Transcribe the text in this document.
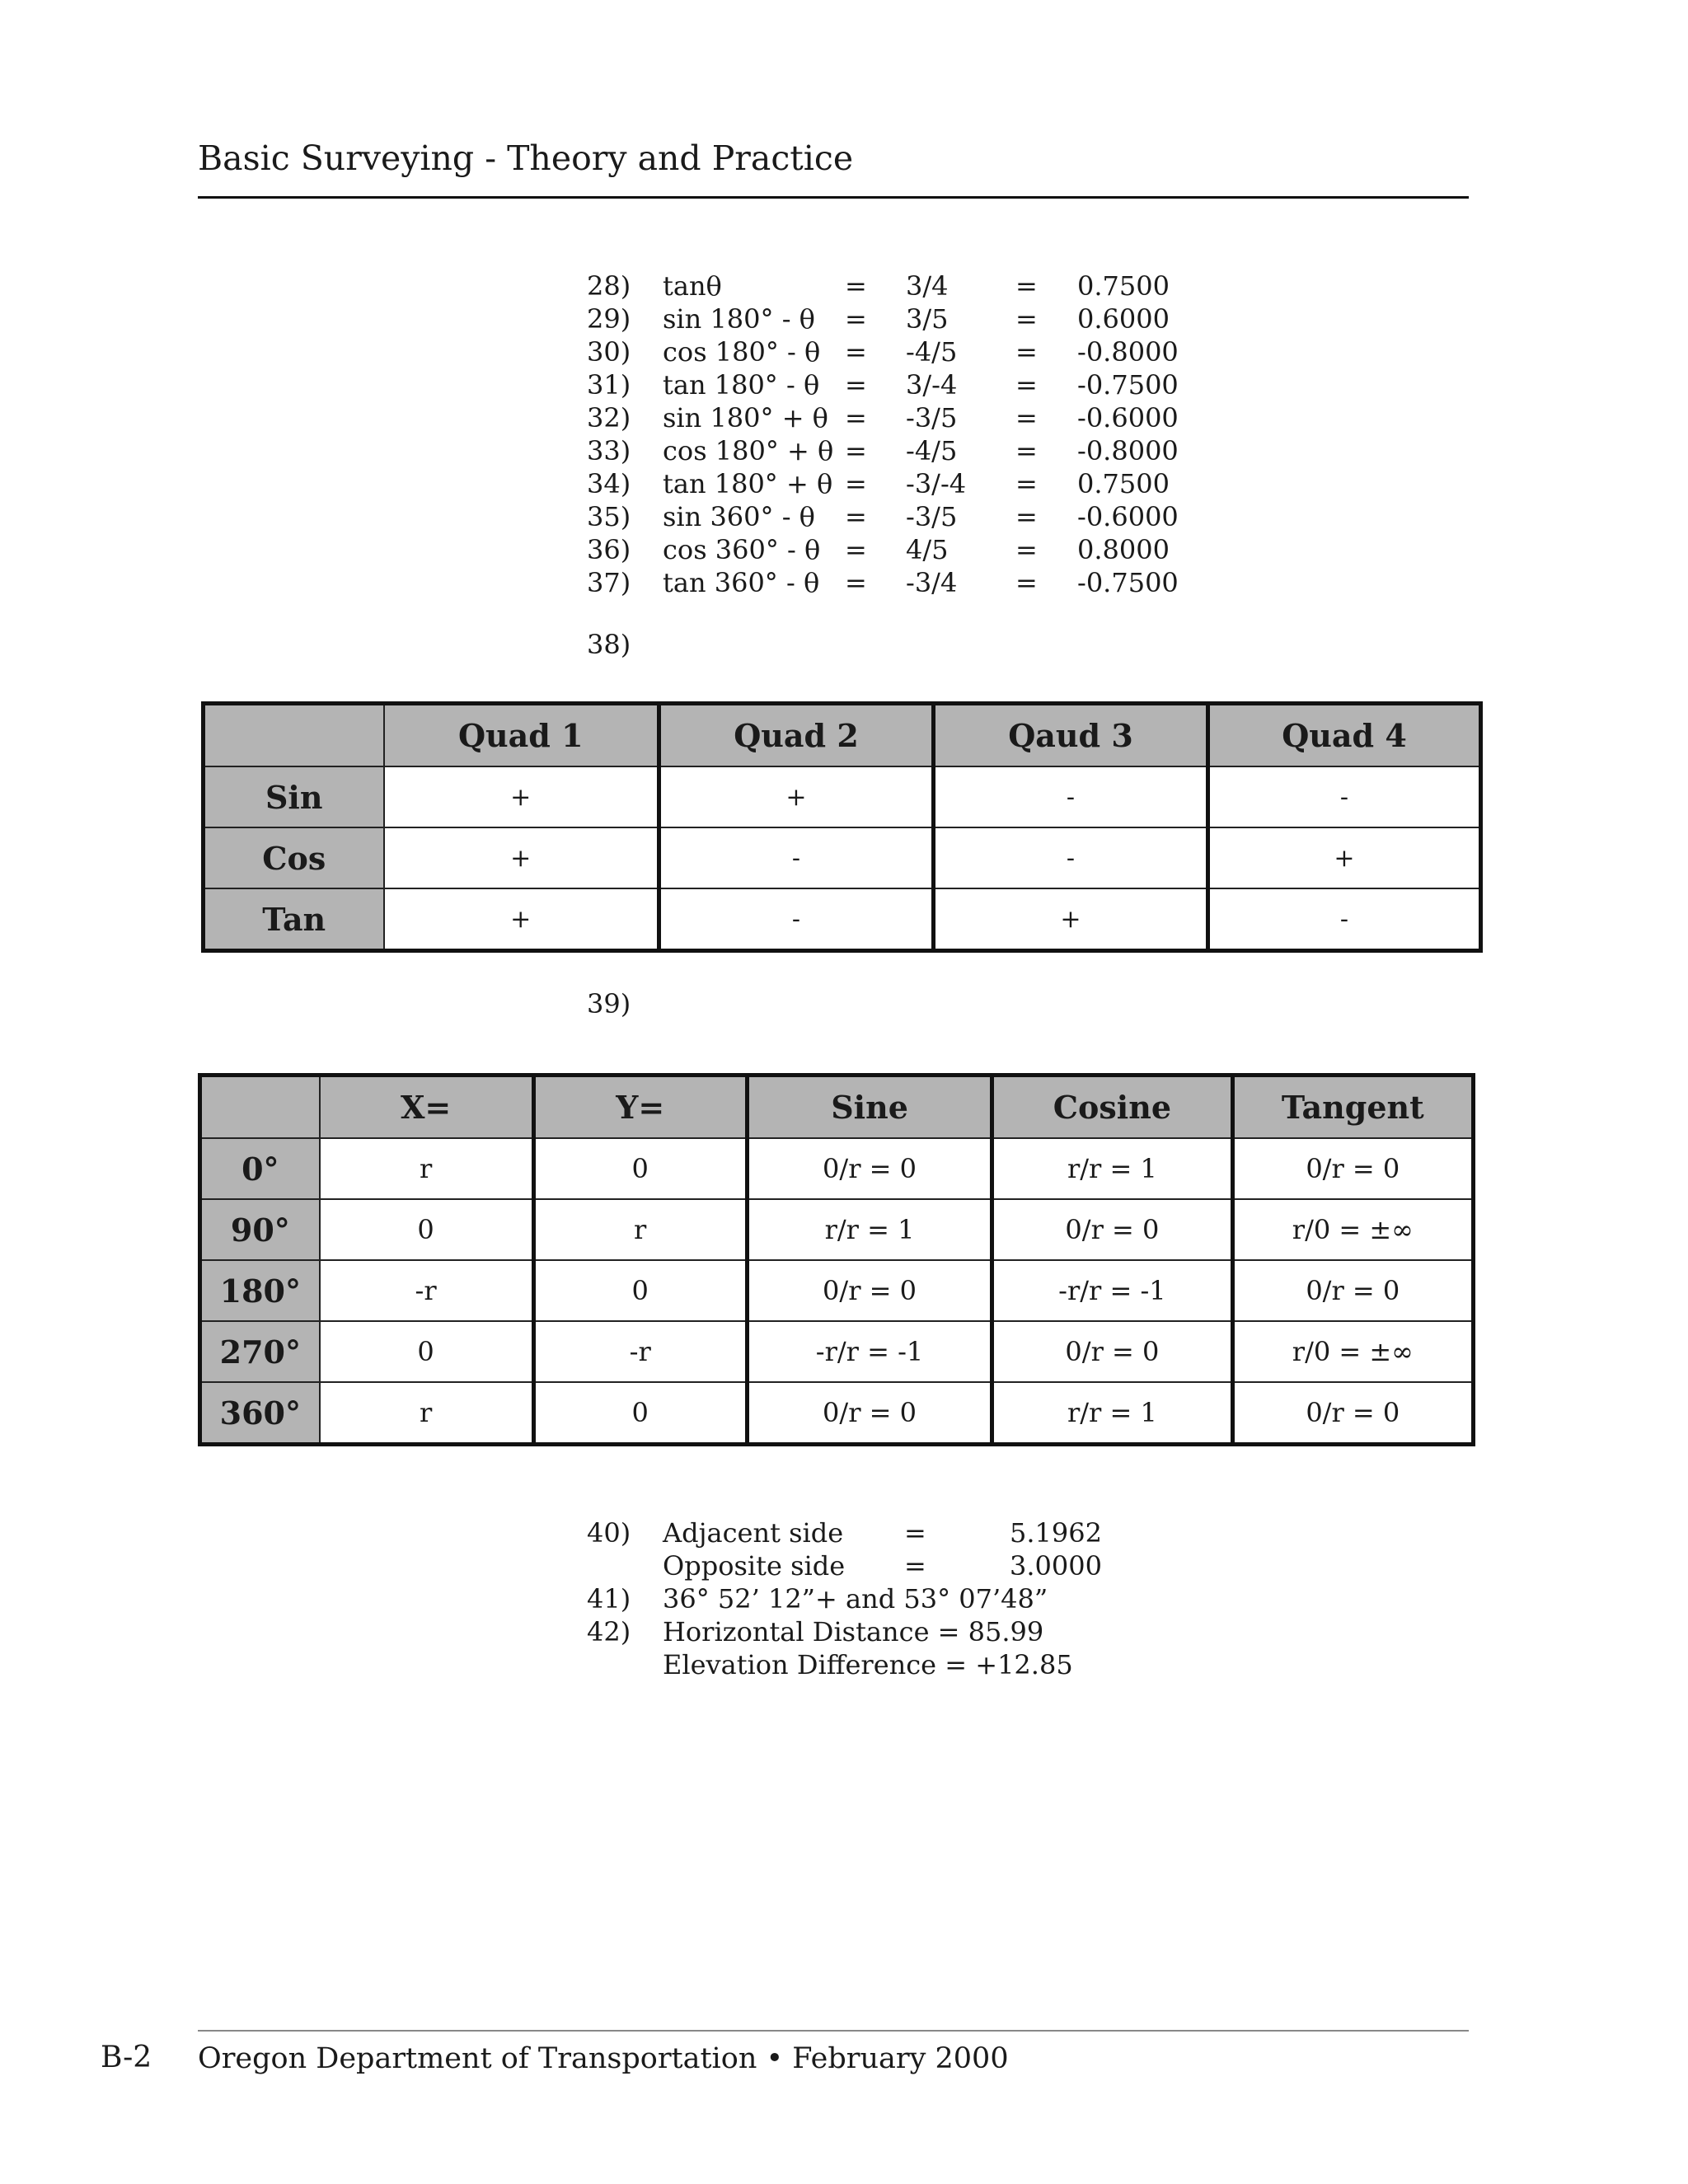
Basic Surveying - Theory and Practice
28) tanθ	= 3/4	= 0.7500
29) sin 180° - θ = 3/5	= 0.6000
30) cos 180° - θ = -4/5 = -0.8000
31) tan 180° - θ = 3/-4 = -0.7500
32) sin 180° + θ = -3/5 = -0.6000
33) cos 180° + θ = -4/5 = -0.8000
34) tan 180° + θ = -3/-4 = 0.7500
35) sin 360° - θ = -3/5 = -0.6000
36) cos 360° - θ = 4/5	= 0.8000
37) tan 360° - θ = -3/4 = -0.7500
38)
	Quad 1	Quad 2	Qaud 3	Quad 4
Sin	+	+	-	-
Cos	+	-	-	+
Tan	+	-	+	-
39)
	X=	Y=	Sine	Cosine	Tangent
0°	r	0	0/r = 0	r/r = 1	0/r = 0
90°	0	r	r/r = 1	0/r = 0	r/0 = ±∞
180°	-r	0	0/r = 0	-r/r = -1	0/r = 0
270°	0	-r	-r/r = -1	0/r = 0	r/0 = ±∞
360°	r	0	0/r = 0	r/r = 1	0/r = 0
40) Adjacent side =	5.1962
Opposite side =	3.0000
41) 36° 52’ 12”+ and 53° 07’48”
42) Horizontal Distance = 85.99
Elevation Difference = +12.85
B-2 Oregon Department of Transportation • February 2000
